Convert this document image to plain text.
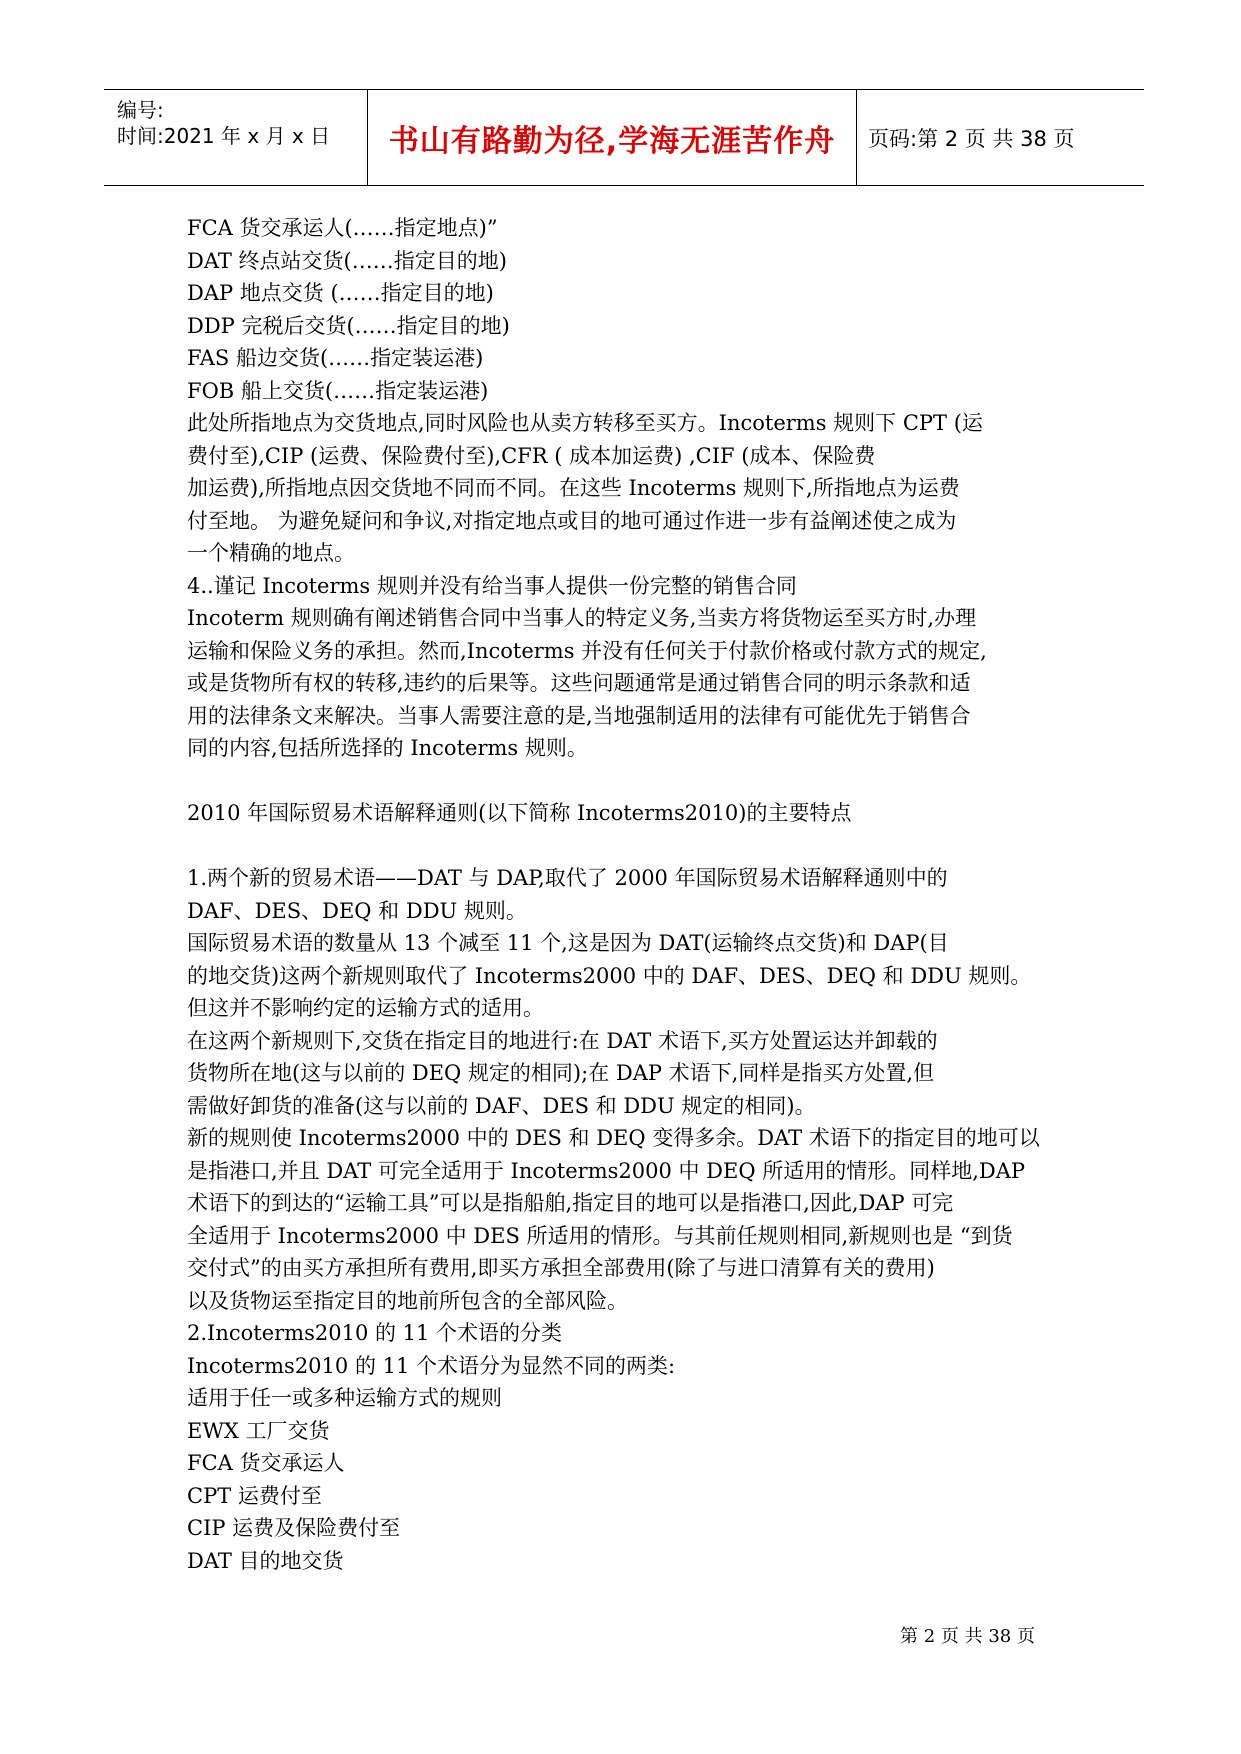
编号:
时间:2021 年 x 月 x 日	书山有路勤为径,学海无涯苦作舟	页码:第 2 页 共 38 页

FCA 货交承运人(……指定地点)”

DAT 终点站交货(……指定目的地)

DAP 地点交货 (……指定目的地)

DDP 完税后交货(……指定目的地)

FAS 船边交货(……指定装运港)

FOB 船上交货(……指定装运港)

此处所指地点为交货地点,同时风险也从卖方转移至买方。Incoterms 规则下 CPT (运

费付至),CIP (运费、保险费付至),CFR ( 成本加运费) ,CIF (成本、保险费

加运费),所指地点因交货地不同而不同。在这些 Incoterms 规则下,所指地点为运费

付至地。 为避免疑问和争议,对指定地点或目的地可通过作进一步有益阐述使之成为

一个精确的地点。

4..谨记 Incoterms 规则并没有给当事人提供一份完整的销售合同

Incoterm 规则确有阐述销售合同中当事人的特定义务,当卖方将货物运至买方时,办理

运输和保险义务的承担。然而,Incoterms 并没有任何关于付款价格或付款方式的规定,

或是货物所有权的转移,违约的后果等。这些问题通常是通过销售合同的明示条款和适

用的法律条文来解决。当事人需要注意的是,当地强制适用的法律有可能优先于销售合

同的内容,包括所选择的 Incoterms 规则。

2010 年国际贸易术语解释通则(以下简称 Incoterms2010)的主要特点

1.两个新的贸易术语——DAT 与 DAP,取代了 2000 年国际贸易术语解释通则中的

DAF、DES、DEQ 和 DDU 规则。

国际贸易术语的数量从 13 个减至 11 个,这是因为 DAT(运输终点交货)和 DAP(目

的地交货)这两个新规则取代了 Incoterms2000 中的 DAF、DES、DEQ 和 DDU 规则。

但这并不影响约定的运输方式的适用。

在这两个新规则下,交货在指定目的地进行:在 DAT 术语下,买方处置运达并卸载的

货物所在地(这与以前的 DEQ 规定的相同);在 DAP 术语下,同样是指买方处置,但

需做好卸货的准备(这与以前的 DAF、DES 和 DDU 规定的相同)。

新的规则使 Incoterms2000 中的 DES 和 DEQ 变得多余。DAT 术语下的指定目的地可以

是指港口,并且 DAT 可完全适用于 Incoterms2000 中 DEQ 所适用的情形。同样地,DAP

术语下的到达的“运输工具”可以是指船舶,指定目的地可以是指港口,因此,DAP 可完

全适用于 Incoterms2000 中 DES 所适用的情形。与其前任规则相同,新规则也是 “到货

交付式”的由买方承担所有费用,即买方承担全部费用(除了与进口清算有关的费用)

以及货物运至指定目的地前所包含的全部风险。

2.Incoterms2010 的 11 个术语的分类

Incoterms2010 的 11 个术语分为显然不同的两类:

适用于任一或多种运输方式的规则

EWX 工厂交货

FCA 货交承运人

CPT 运费付至

CIP 运费及保险费付至

DAT 目的地交货

第 2 页 共 38 页
